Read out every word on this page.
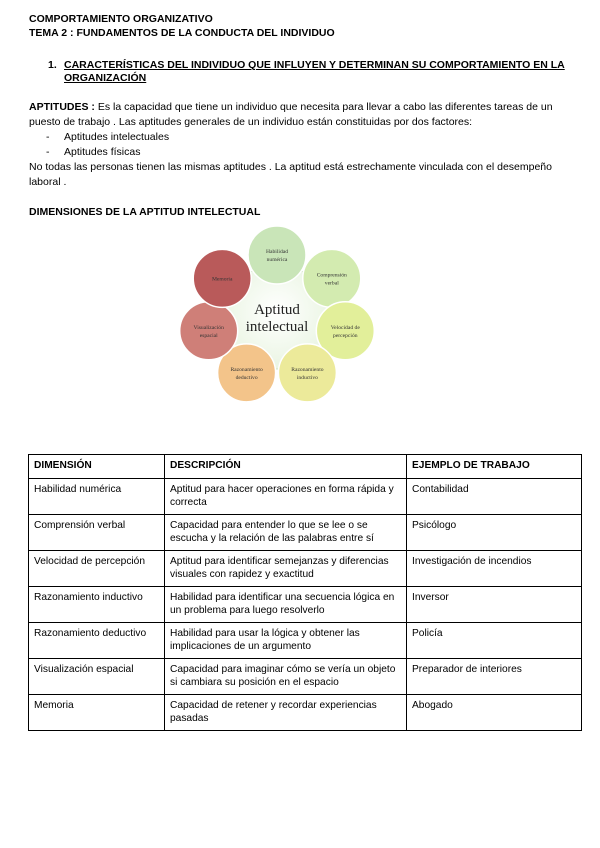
COMPORTAMIENTO ORGANIZATIVO
TEMA 2 : FUNDAMENTOS DE LA CONDUCTA DEL INDIVIDUO
1. CARACTERÍSTICAS DEL INDIVIDUO QUE INFLUYEN Y DETERMINAN SU COMPORTAMIENTO EN LA ORGANIZACIÓN
APTITUDES : Es la capacidad que tiene un individuo que necesita para llevar a cabo las diferentes tareas de un puesto de trabajo . Las aptitudes generales de un individuo están constituidas por dos factores:
- Aptitudes intelectuales
- Aptitudes físicas
No todas las personas tienen las mismas aptitudes . La aptitud está estrechamente vinculada con el desempeño laboral .
DIMENSIONES DE LA APTITUD INTELECTUAL
Aptitud
intelectual
Habilidad
numérica
Comprensión
verbal
Velocidad de
percepción
Razonamiento
inductivo
Razonamiento
deductivo
Visualización
espacial
Memoria
DIMENSIÓN	DESCRIPCIÓN	EJEMPLO DE TRABAJO
Habilidad numérica	Aptitud para hacer operaciones en forma rápida y correcta	Contabilidad
Comprensión verbal	Capacidad para entender lo que se lee o se escucha y la relación de las palabras entre sí	Psicólogo
Velocidad de percepción	Aptitud para identificar semejanzas y diferencias visuales con rapidez y exactitud	Investigación de incendios
Razonamiento inductivo	Habilidad para identificar una secuencia lógica en un problema para luego resolverlo	Inversor
Razonamiento deductivo	Habilidad para usar la lógica y obtener las implicaciones de un argumento	Policía
Visualización espacial	Capacidad para imaginar cómo se vería un objeto si cambiara su posición en el espacio	Preparador de interiores
Memoria	Capacidad de retener y recordar experiencias pasadas	Abogado
